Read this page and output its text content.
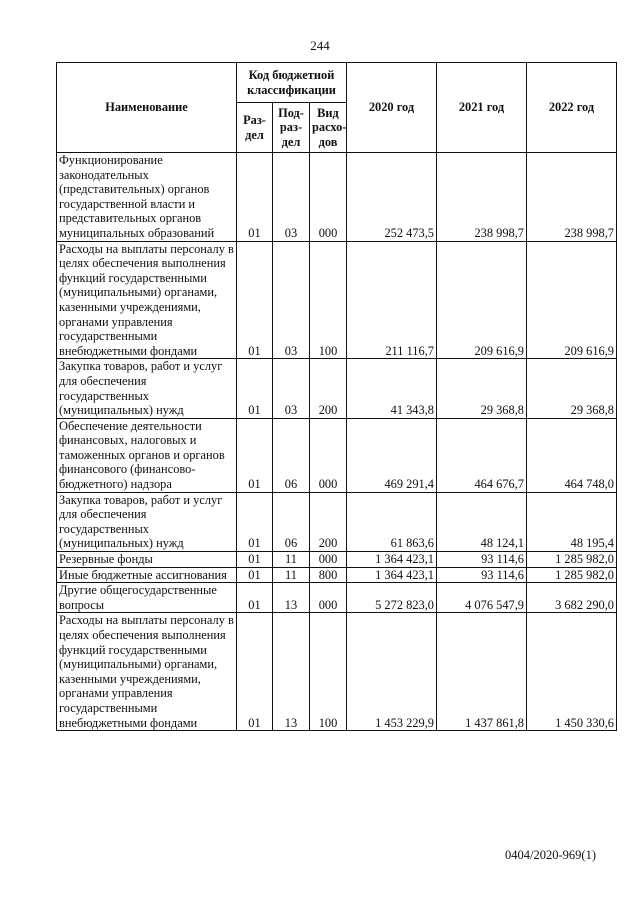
244
Наименование	Код бюджетной классификации			2020 год	2021 год	2022 год
	Раз-дел	Под-раз-дел	Вид расхо-дов			
Функционирование законодательных (представительных) органов государственной власти и представительных органов муниципальных образований	01	03	000	252 473,5	238 998,7	238 998,7
Расходы на выплаты персоналу в целях обеспечения выполнения функций государственными (муниципальными) органами, казенными учреждениями, органами управления государственными внебюджетными фондами	01	03	100	211 116,7	209 616,9	209 616,9
Закупка товаров, работ и услуг для обеспечения государственных (муниципальных) нужд	01	03	200	41 343,8	29 368,8	29 368,8
Обеспечение деятельности финансовых, налоговых и таможенных органов и органов финансового (финансово-бюджетного) надзора	01	06	000	469 291,4	464 676,7	464 748,0
Закупка товаров, работ и услуг для обеспечения государственных (муниципальных) нужд	01	06	200	61 863,6	48 124,1	48 195,4
Резервные фонды	01	11	000	1 364 423,1	93 114,6	1 285 982,0
Иные бюджетные ассигнования	01	11	800	1 364 423,1	93 114,6	1 285 982,0
Другие общегосударственные вопросы	01	13	000	5 272 823,0	4 076 547,9	3 682 290,0
Расходы на выплаты персоналу в целях обеспечения выполнения функций государственными (муниципальными) органами, казенными учреждениями, органами управления государственными внебюджетными фондами	01	13	100	1 453 229,9	1 437 861,8	1 450 330,6
0404/2020-969(1)
